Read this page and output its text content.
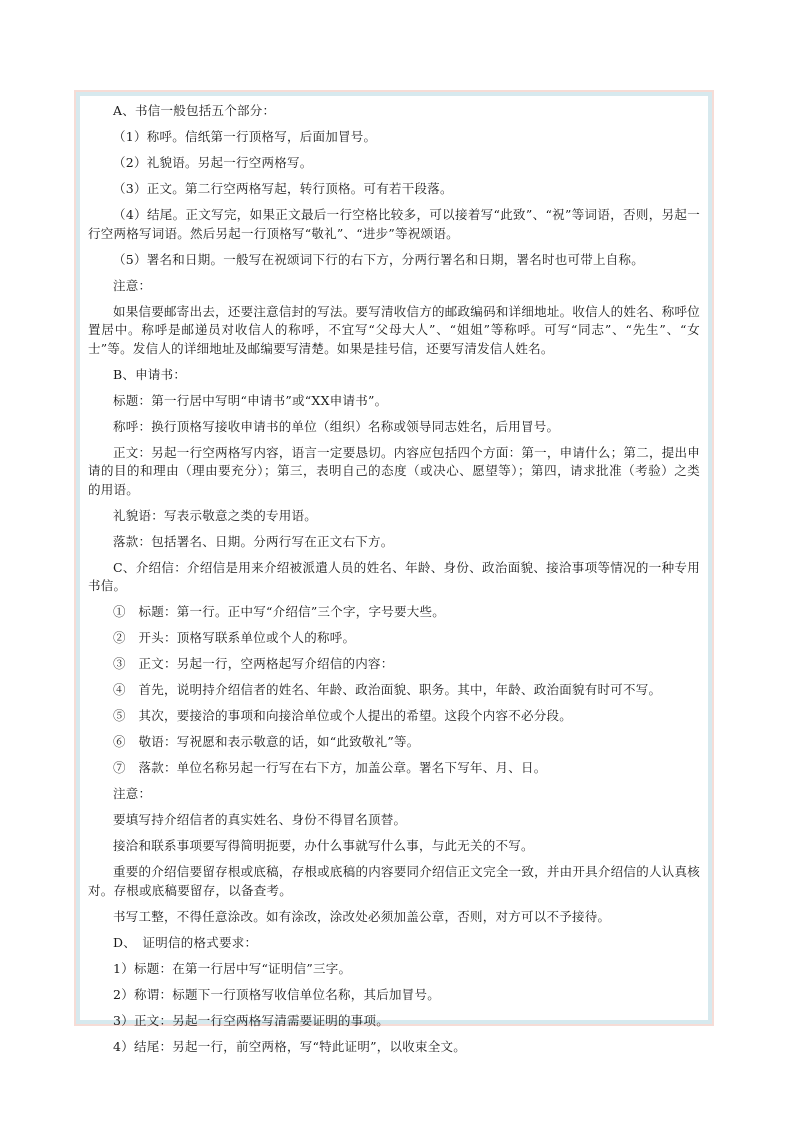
A、书信一般包括五个部分：

（1）称呼。信纸第一行顶格写，后面加冒号。

（2）礼貌语。另起一行空两格写。

（3）正文。第二行空两格写起，转行顶格。可有若干段落。

（4）结尾。正文写完，如果正文最后一行空格比较多，可以接着写“此致”、“祝”等词语，否则，另起一行空两格写词语。然后另起一行顶格写“敬礼”、“进步”等祝颂语。

（5）署名和日期。一般写在祝颂词下行的右下方，分两行署名和日期，署名时也可带上自称。

注意：

如果信要邮寄出去，还要注意信封的写法。要写清收信方的邮政编码和详细地址。收信人的姓名、称呼位置居中。称呼是邮递员对收信人的称呼，不宜写“父母大人”、“姐姐”等称呼。可写“同志”、“先生”、“女士”等。发信人的详细地址及邮编要写清楚。如果是挂号信，还要写清发信人姓名。

B、申请书：

标题：第一行居中写明“申请书”或“XX申请书”。

称呼：换行顶格写接收申请书的单位（组织）名称或领导同志姓名，后用冒号。

正文：另起一行空两格写内容，语言一定要恳切。内容应包括四个方面：第一，申请什么；第二，提出申请的目的和理由（理由要充分）；第三，表明自己的态度（或决心、愿望等）；第四，请求批准（考验）之类的用语。

礼貌语：写表示敬意之类的专用语。

落款：包括署名、日期。分两行写在正文右下方。

C、介绍信：介绍信是用来介绍被派遣人员的姓名、年龄、身份、政治面貌、接洽事项等情况的一种专用书信。

①　标题：第一行。正中写“介绍信”三个字，字号要大些。

②　开头：顶格写联系单位或个人的称呼。

③　正文：另起一行，空两格起写介绍信的内容：

④　首先，说明持介绍信者的姓名、年龄、政治面貌、职务。其中，年龄、政治面貌有时可不写。

⑤　其次，要接洽的事项和向接洽单位或个人提出的希望。这段个内容不必分段。

⑥　敬语：写祝愿和表示敬意的话，如“此致敬礼”等。

⑦　落款：单位名称另起一行写在右下方，加盖公章。署名下写年、月、日。

注意：

要填写持介绍信者的真实姓名、身份不得冒名顶替。

接洽和联系事项要写得简明扼要，办什么事就写什么事，与此无关的不写。

重要的介绍信要留存根或底稿，存根或底稿的内容要同介绍信正文完全一致，并由开具介绍信的人认真核对。存根或底稿要留存，以备查考。

书写工整，不得任意涂改。如有涂改，涂改处必须加盖公章，否则，对方可以不予接待。

D、　证明信的格式要求：

1）标题：在第一行居中写“证明信”三字。

2）称谓：标题下一行顶格写收信单位名称，其后加冒号。

3）正文：另起一行空两格写清需要证明的事项。

4）结尾：另起一行，前空两格，写“特此证明”，以收束全文。
